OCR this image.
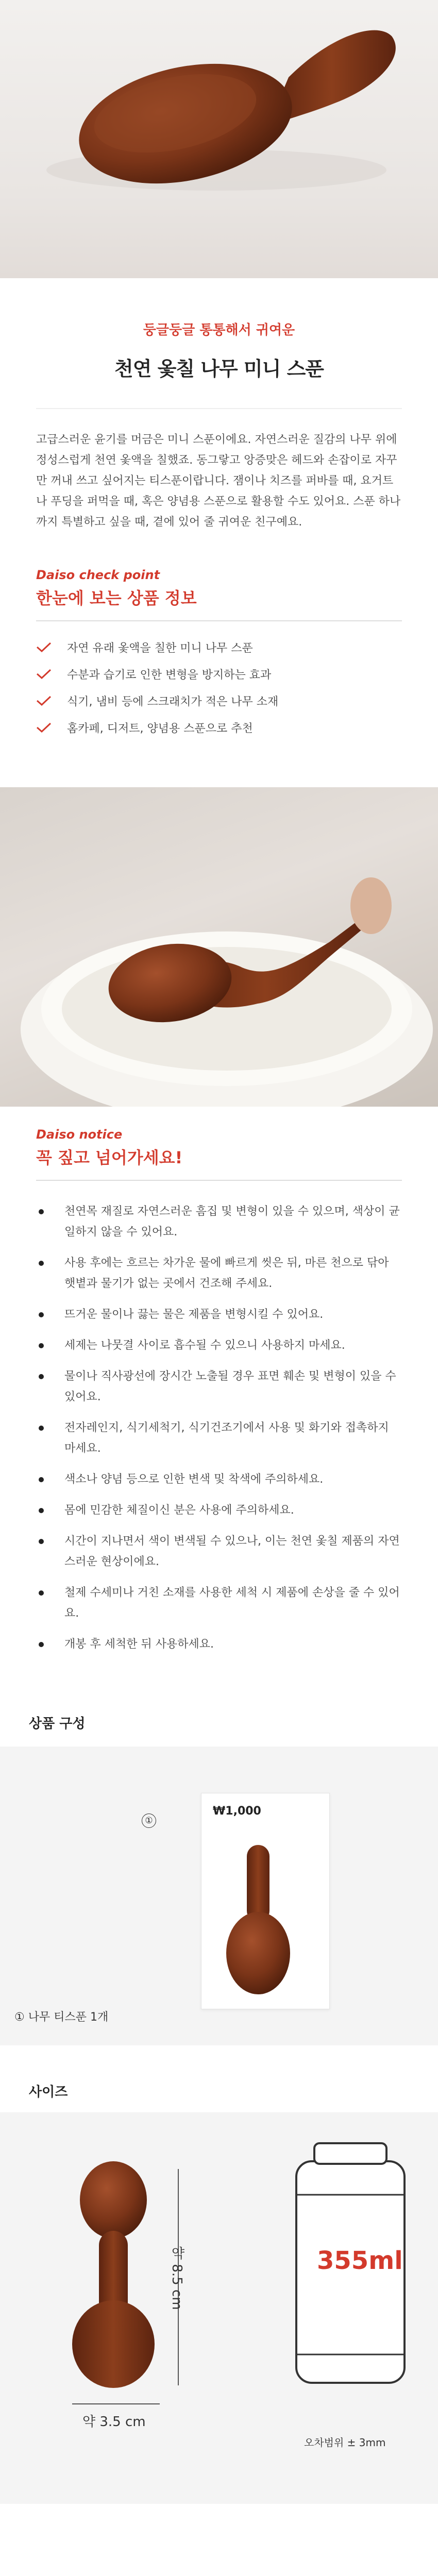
둥글둥글 통통해서 귀여운
천연 옻칠 나무 미니 스푼

고급스러운 윤기를 머금은 미니 스푼이에요. 자연스러운 질감의 나무 위에 정성스럽게 천연 옻액을 칠했죠. 동그랗고 앙증맞은 헤드와 손잡이로 자꾸만 꺼내 쓰고 싶어지는 티스푼이랍니다. 잼이나 치즈를 퍼바를 때, 요거트나 푸딩을 퍼먹을 때, 혹은 양념용 스푼으로 활용할 수도 있어요. 스푼 하나까지 특별하고 싶을 때, 곁에 있어 줄 귀여운 친구예요.

Daiso check point
한눈에 보는 상품 정보
자연 유래 옻액을 칠한 미니 나무 스푼
수분과 습기로 인한 변형을 방지하는 효과
식기, 냄비 등에 스크래치가 적은 나무 소재
홈카페, 디저트, 양념용 스푼으로 추천
Daiso notice
꼭 짚고 넘어가세요!
천연목 재질로 자연스러운 흠집 및 변형이 있을 수 있으며, 색상이 균일하지 않을 수 있어요.
사용 후에는 흐르는 차가운 물에 빠르게 씻은 뒤, 마른 천으로 닦아 햇볕과 물기가 없는 곳에서 건조해 주세요.
뜨거운 물이나 끓는 물은 제품을 변형시킬 수 있어요.
세제는 나뭇결 사이로 흡수될 수 있으니 사용하지 마세요.
물이나 직사광선에 장시간 노출될 경우 표면 훼손 및 변형이 있을 수 있어요.
전자레인지, 식기세척기, 식기건조기에서 사용 및 화기와 접촉하지 마세요.
색소나 양념 등으로 인한 변색 및 착색에 주의하세요.
몸에 민감한 체질이신 분은 사용에 주의하세요.
시간이 지나면서 색이 변색될 수 있으나, 이는 천연 옻칠 제품의 자연스러운 현상이에요.
철제 수세미나 거친 소재를 사용한 세척 시 제품에 손상을 줄 수 있어요.
개봉 후 세척한 뒤 사용하세요.
상품 구성
①
₩1,000
① 나무 티스푼 1개
사이즈
약 8.5 cm
약 3.5 cm
355ml
오차범위 ± 3mm
